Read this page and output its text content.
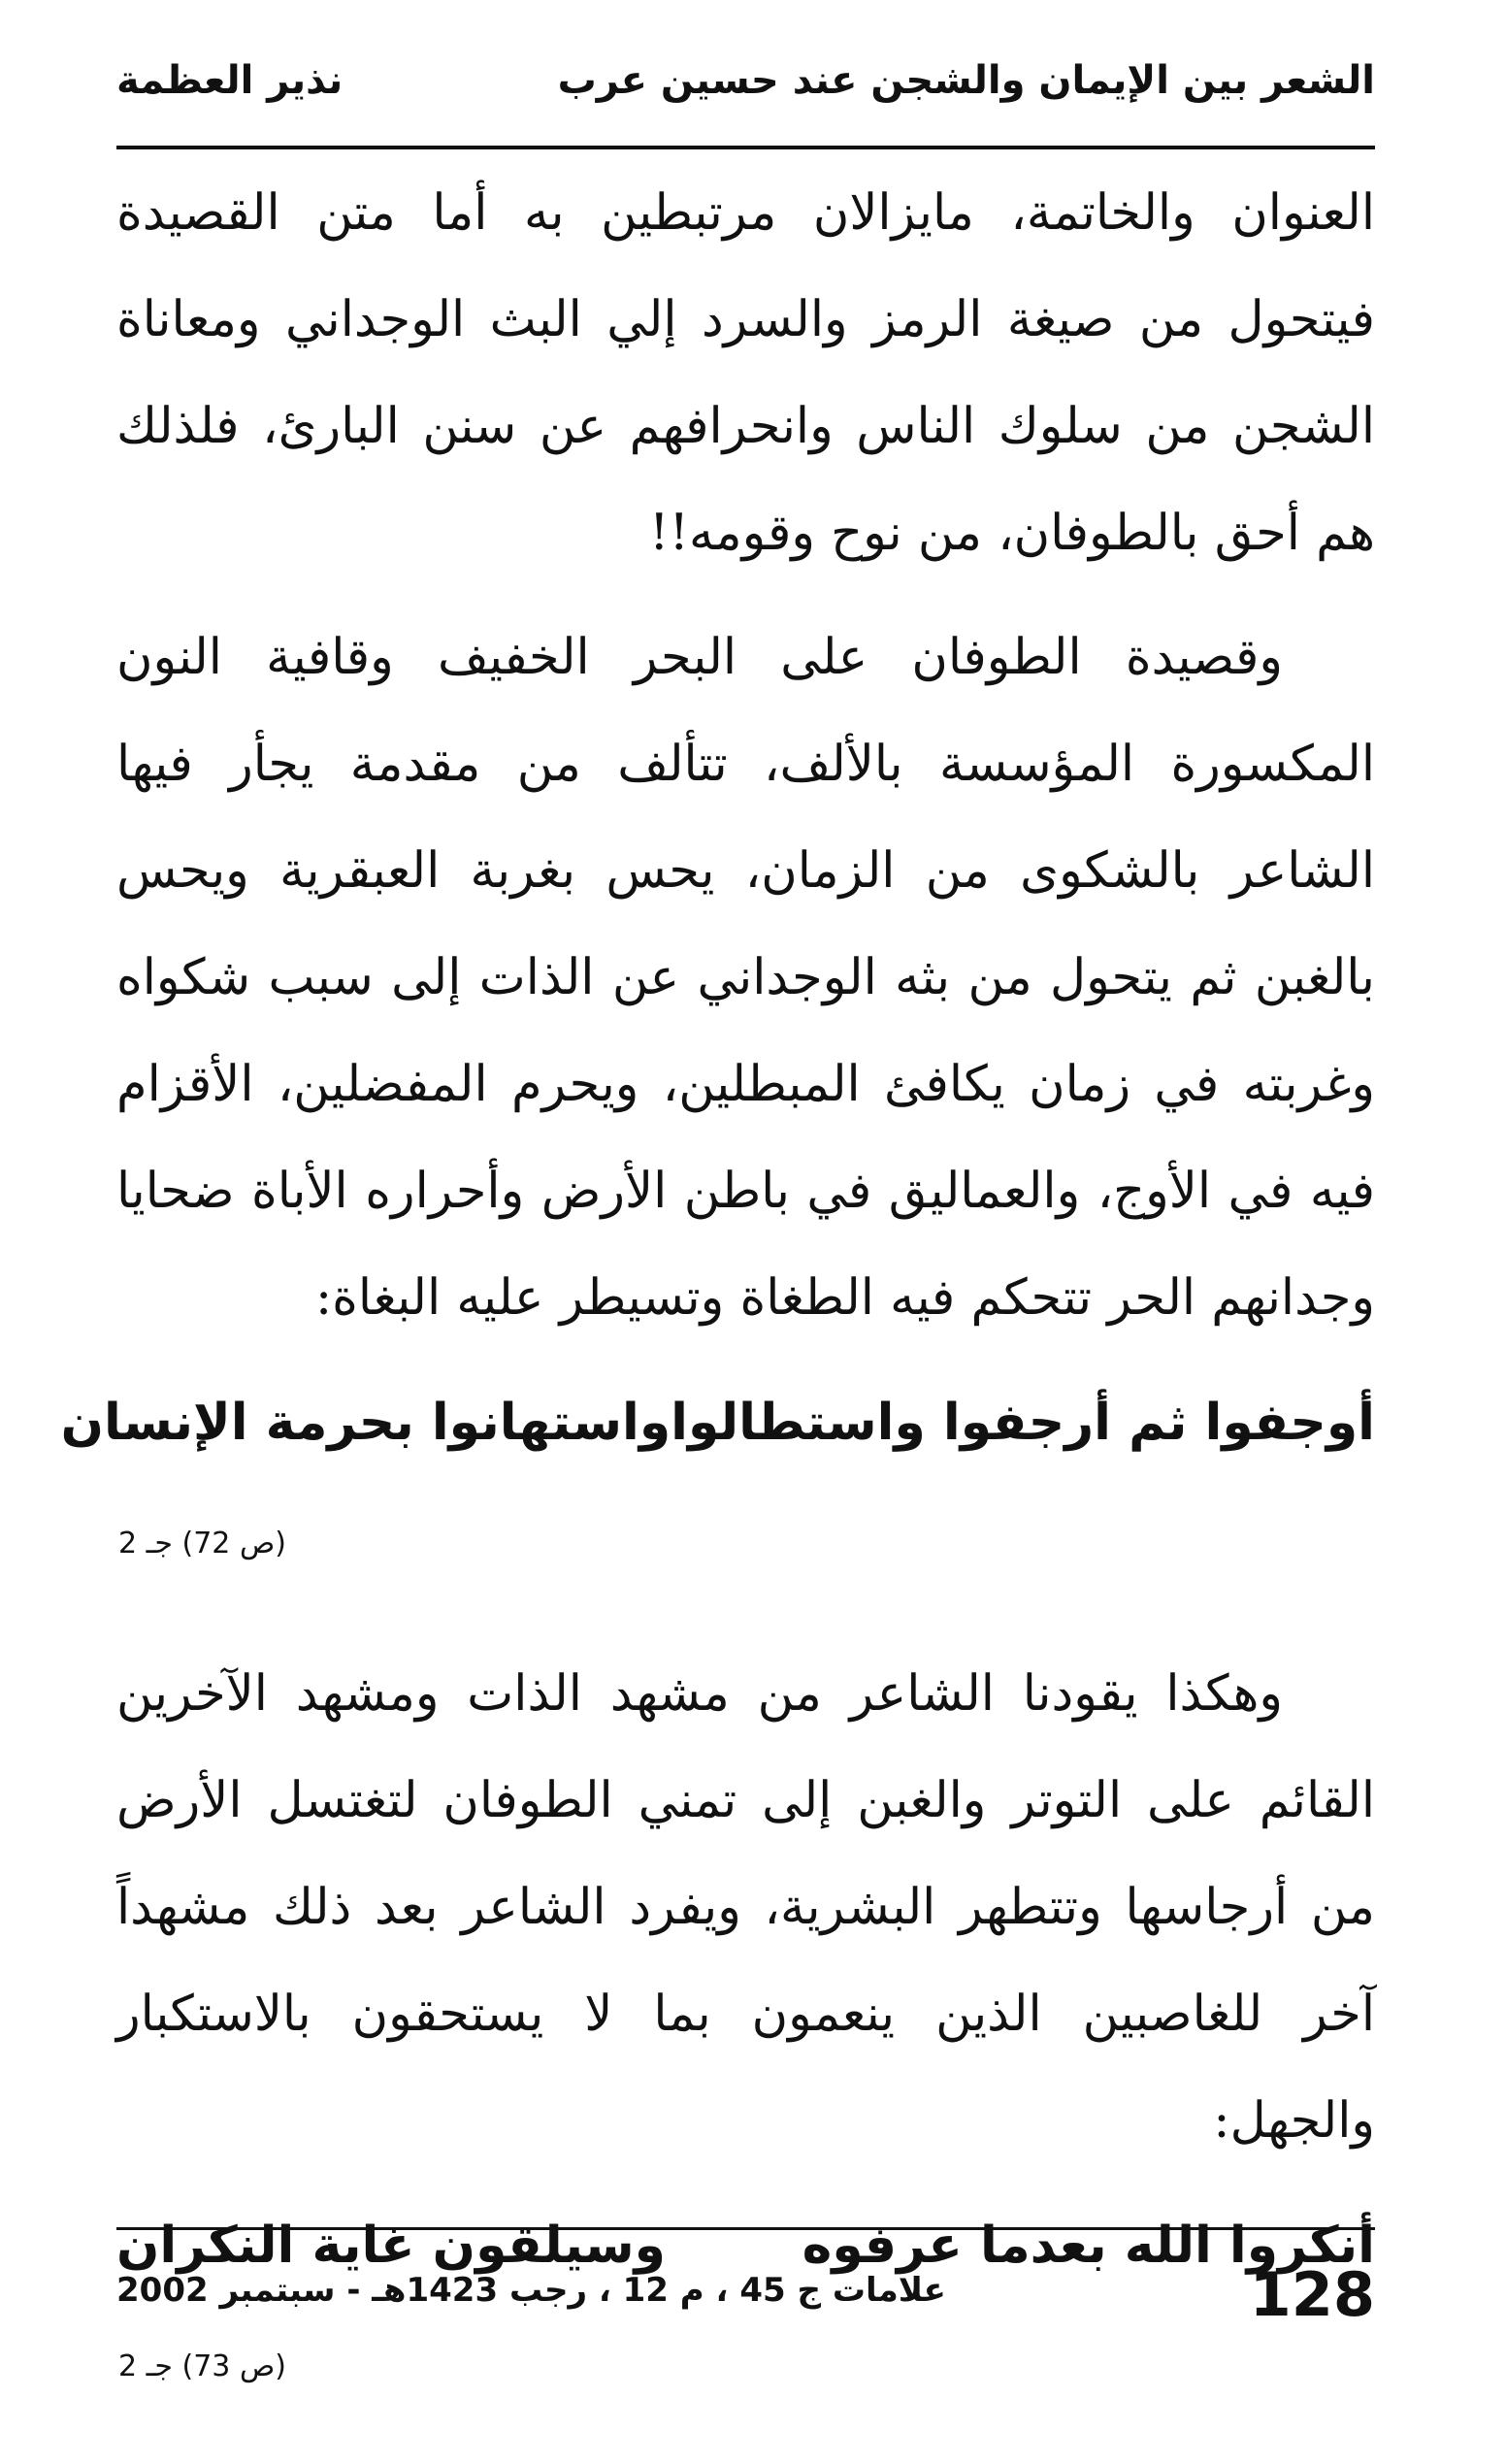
الشعر بين الإيمان والشجن عند حسين عرب
نذير العظمة

العنوان والخاتمة، مايزالان مرتبطين به أما متن القصيدة فيتحول من صيغة الرمز والسرد إلي البث الوجداني ومعاناة الشجن من سلوك الناس وانحرافهم عن سنن البارئ، فلذلك هم أحق بالطوفان، من نوح وقومه!!

وقصيدة الطوفان على البحر الخفيف وقافية النون المكسورة المؤسسة بالألف، تتألف من مقدمة يجأر فيها الشاعر بالشكوى من الزمان، يحس بغربة العبقرية ويحس بالغبن ثم يتحول من بثه الوجداني عن الذات إلى سبب شكواه وغربته في زمان يكافئ المبطلين، ويحرم المفضلين، الأقزام فيه في الأوج، والعماليق في باطن الأرض وأحراره الأباة ضحايا وجدانهم الحر تتحكم فيه الطغاة وتسيطر عليه البغاة:

أوجفوا ثم أرجفوا واستطالوا
واستهانوا بحرمة الإنسان
(ص 72) جـ 2

وهكذا يقودنا الشاعر من مشهد الذات ومشهد الآخرين القائم على التوتر والغبن إلى تمني الطوفان لتغتسل الأرض من أرجاسها وتتطهر البشرية، ويفرد الشاعر بعد ذلك مشهداً آخر للغاصبين الذين ينعمون بما لا يستحقون بالاستكبار والجهل:

أنكروا الله بعدما عرفوه
وسيلقون غاية النكران
(ص 73) جـ 2
علامات ج 45 ، م 12 ، رجب 1423هـ - سبتمبر 2002	128
